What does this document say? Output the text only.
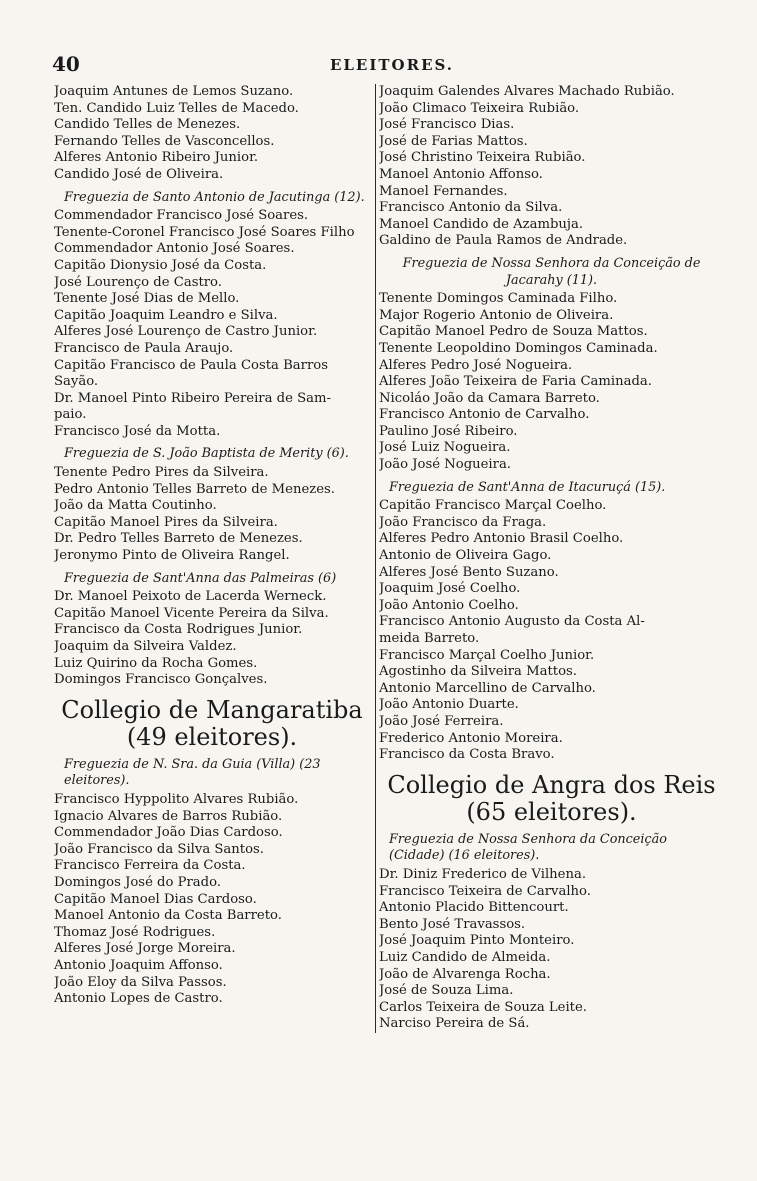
40	ELEITORES.
Joaquim Antunes de Lemos Suzano.
Ten. Candido Luiz Telles de Macedo.
Candido Telles de Menezes.
Fernando Telles de Vasconcellos.
Alferes Antonio Ribeiro Junior.
Candido José de Oliveira.
Freguezia de Santo Antonio de Jacutinga (12).
Commendador Francisco José Soares.
Tenente-Coronel Francisco José Soares Filho
Commendador Antonio José Soares.
Capitão Dionysio José da Costa.
José Lourenço de Castro.
Tenente José Dias de Mello.
Capitão Joaquim Leandro e Silva.
Alferes José Lourenço de Castro Junior.
Francisco de Paula Araujo.
Capitão Francisco de Paula Costa Barros
Sayão.
Dr. Manoel Pinto Ribeiro Pereira de Sam-
paio.
Francisco José da Motta.
Freguezia de S. João Baptista de Merity (6).
Tenente Pedro Pires da Silveira.
Pedro Antonio Telles Barreto de Menezes.
João da Matta Coutinho.
Capitão Manoel Pires da Silveira.
Dr. Pedro Telles Barreto de Menezes.
Jeronymo Pinto de Oliveira Rangel.
Freguezia de Sant'Anna das Palmeiras (6)
Dr. Manoel Peixoto de Lacerda Werneck.
Capitão Manoel Vicente Pereira da Silva.
Francisco da Costa Rodrigues Junior.
Joaquim da Silveira Valdez.
Luiz Quirino da Rocha Gomes.
Domingos Francisco Gonçalves.
Collegio de Mangaratiba
(49 eleitores).
Freguezia de N. Sra. da Guia (Villa) (23 eleitores).
Francisco Hyppolito Alvares Rubião.
Ignacio Alvares de Barros Rubião.
Commendador João Dias Cardoso.
João Francisco da Silva Santos.
Francisco Ferreira da Costa.
Domingos José do Prado.
Capitão Manoel Dias Cardoso.
Manoel Antonio da Costa Barreto.
Thomaz José Rodrigues.
Alferes José Jorge Moreira.
Antonio Joaquim Affonso.
João Eloy da Silva Passos.
Antonio Lopes de Castro.
Joaquim Galendes Alvares Machado Rubião.
João Climaco Teixeira Rubião.
José Francisco Dias.
José de Farias Mattos.
José Christino Teixeira Rubião.
Manoel Antonio Affonso.
Manoel Fernandes.
Francisco Antonio da Silva.
Manoel Candido de Azambuja.
Galdino de Paula Ramos de Andrade.
Freguezia de Nossa Senhora da Conceição de Jacarahy (11).
Tenente Domingos Caminada Filho.
Major Rogerio Antonio de Oliveira.
Capitão Manoel Pedro de Souza Mattos.
Tenente Leopoldino Domingos Caminada.
Alferes Pedro José Nogueira.
Alferes João Teixeira de Faria Caminada.
Nicoláo João da Camara Barreto.
Francisco Antonio de Carvalho.
Paulino José Ribeiro.
José Luiz Nogueira.
João José Nogueira.
Freguezia de Sant'Anna de Itacuruçá (15).
Capitão Francisco Marçal Coelho.
João Francisco da Fraga.
Alferes Pedro Antonio Brasil Coelho.
Antonio de Oliveira Gago.
Alferes José Bento Suzano.
Joaquim José Coelho.
João Antonio Coelho.
Francisco Antonio Augusto da Costa Al-
meida Barreto.
Francisco Marçal Coelho Junior.
Agostinho da Silveira Mattos.
Antonio Marcellino de Carvalho.
João Antonio Duarte.
João José Ferreira.
Frederico Antonio Moreira.
Francisco da Costa Bravo.
Collegio de Angra dos Reis
(65 eleitores).
Freguezia de Nossa Senhora da Conceição (Cidade) (16 eleitores).
Dr. Diniz Frederico de Vilhena.
Francisco Teixeira de Carvalho.
Antonio Placido Bittencourt.
Bento José Travassos.
José Joaquim Pinto Monteiro.
Luiz Candido de Almeida.
João de Alvarenga Rocha.
José de Souza Lima.
Carlos Teixeira de Souza Leite.
Narciso Pereira de Sá.
